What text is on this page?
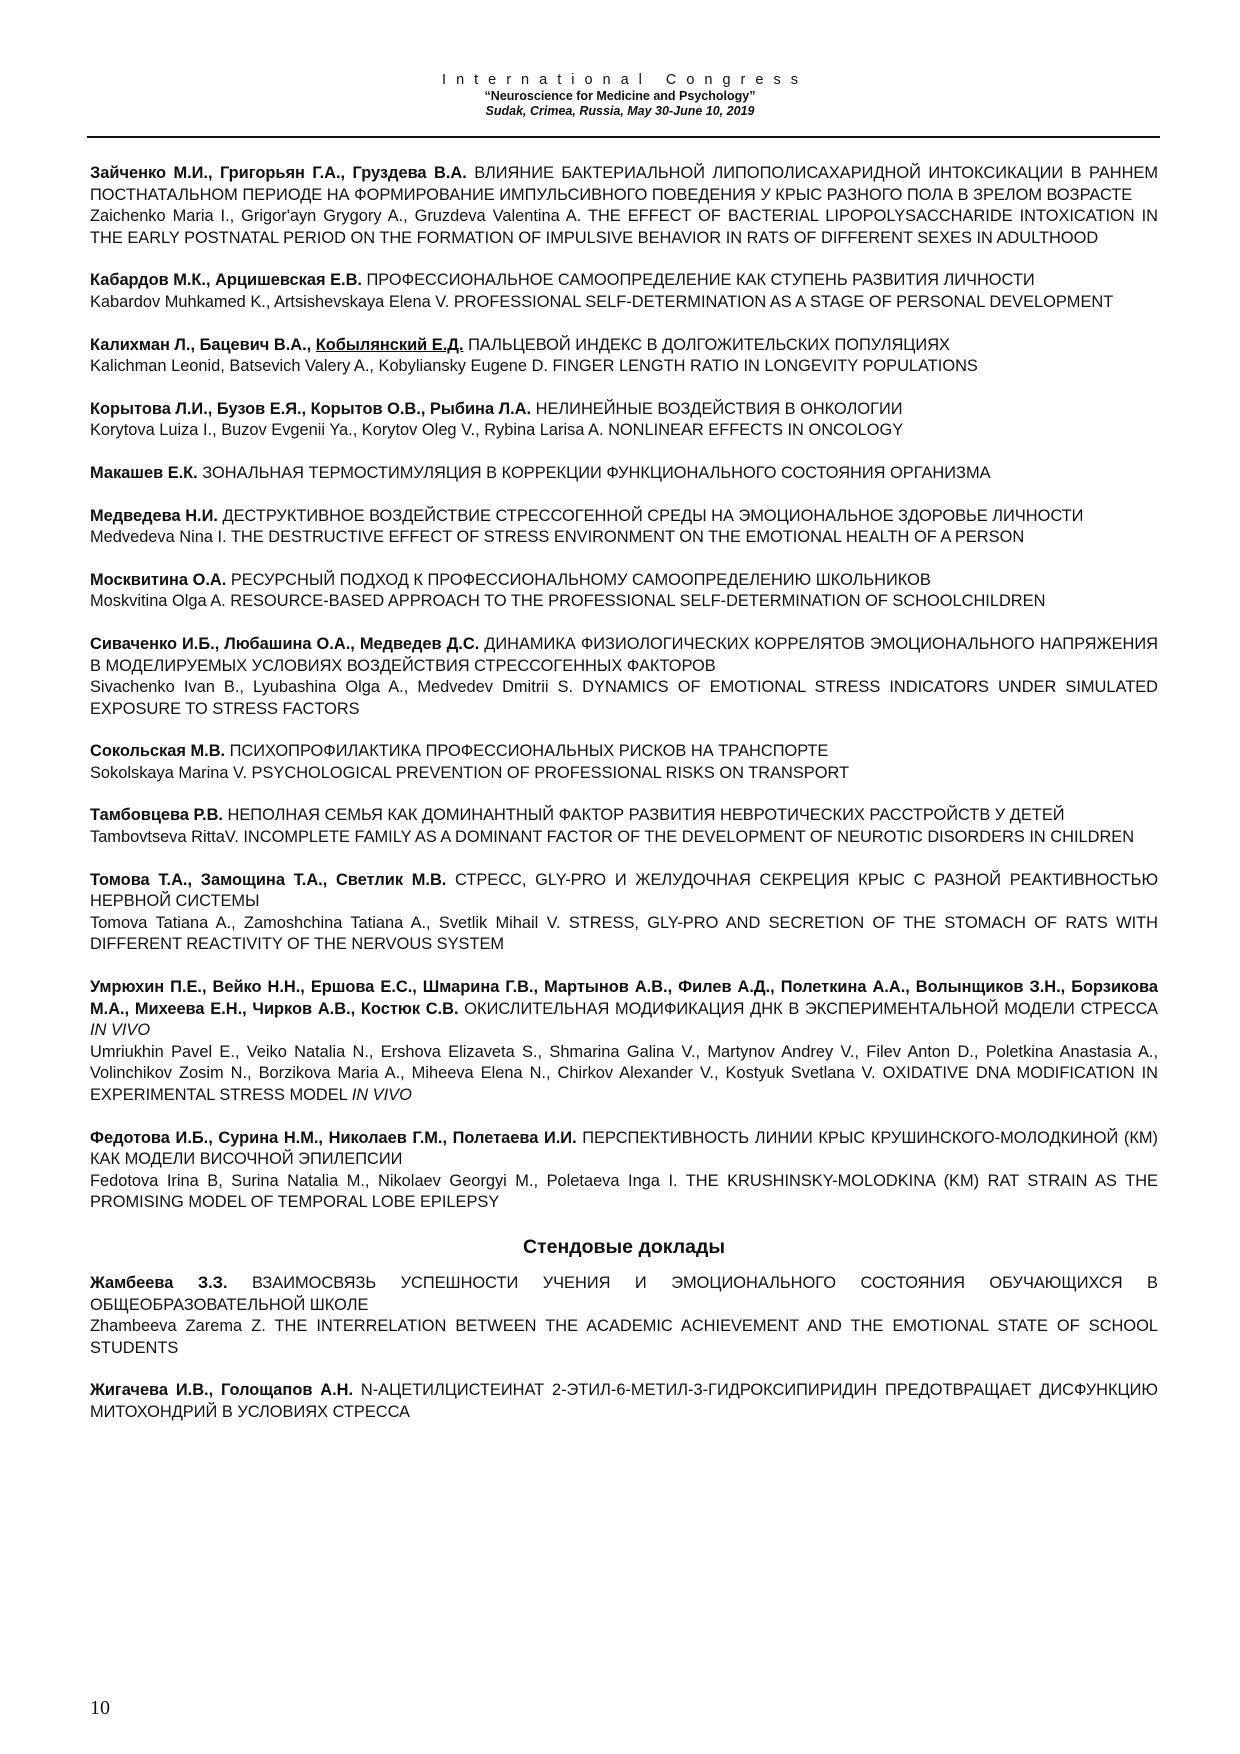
International Congress
“Neuroscience for Medicine and Psychology”
Sudak, Crimea, Russia, May 30-June 10, 2019

Зайченко М.И., Григорьян Г.А., Груздева В.А. ВЛИЯНИЕ БАКТЕРИАЛЬНОЙ ЛИПОПОЛИСАХАРИДНОЙ ИНТОКСИКАЦИИ В РАННЕМ ПОСТНАТАЛЬНОМ ПЕРИОДЕ НА ФОРМИРОВАНИЕ ИМПУЛЬСИВНОГО ПОВЕДЕНИЯ У КРЫС РАЗНОГО ПОЛА В ЗРЕЛОМ ВОЗРАСТЕ

Zaichenko Maria I., Grigor'ayn Grygory A., Gruzdeva Valentina A. THE EFFECT OF BACTERIAL LIPOPOLYSACCHARIDE INTOXICATION IN THE EARLY POSTNATAL PERIOD ON THE FORMATION OF IMPULSIVE BEHAVIOR IN RATS OF DIFFERENT SEXES IN ADULTHOOD

Кабардов М.К., Арцишевская Е.В. ПРОФЕССИОНАЛЬНОЕ САМООПРЕДЕЛЕНИЕ КАК СТУПЕНЬ РАЗВИТИЯ ЛИЧНОСТИ

Kabardov Muhkamed K., Artsishevskaya Elena V. PROFESSIONAL SELF-DETERMINATION AS A STAGE OF PERSONAL DEVELOPMENT

Калихман Л., Бацевич В.А., Кобылянский Е.Д. ПАЛЬЦЕВОЙ ИНДЕКС В ДОЛГОЖИТЕЛЬСКИХ ПОПУЛЯЦИЯХ

Kalichman Leonid, Batsevich Valery A., Kobyliansky Eugene D. FINGER LENGTH RATIO IN LONGEVITY POPULATIONS

Корытова Л.И., Бузов Е.Я., Корытов О.В., Рыбина Л.А. НЕЛИНЕЙНЫЕ ВОЗДЕЙСТВИЯ В ОНКОЛОГИИ

Korytova Luiza I., Buzov Evgenii Ya., Korytov Oleg V., Rybina Larisa A. NONLINEAR EFFECTS IN ONCOLOGY

Макашев Е.К. ЗОНАЛЬНАЯ ТЕРМОСТИМУЛЯЦИЯ В КОРРЕКЦИИ ФУНКЦИОНАЛЬНОГО СОСТОЯНИЯ ОРГАНИЗМА

Медведева Н.И. ДЕСТРУКТИВНОЕ ВОЗДЕЙСТВИЕ СТРЕССОГЕННОЙ СРЕДЫ НА ЭМОЦИОНАЛЬНОЕ ЗДОРОВЬЕ ЛИЧНОСТИ

Medvedeva Nina I. THE DESTRUCTIVE EFFECT OF STRESS ENVIRONMENT ON THE EMOTIONAL HEALTH OF A PERSON

Москвитина О.А. РЕСУРСНЫЙ ПОДХОД К ПРОФЕССИОНАЛЬНОМУ САМООПРЕДЕЛЕНИЮ ШКОЛЬНИКОВ

Moskvitina Olga A. RESOURCE-BASED APPROACH TO THE PROFESSIONAL SELF-DETERMINATION OF SCHOOLCHILDREN

Сиваченко И.Б., Любашина О.А., Медведев Д.С. ДИНАМИКА ФИЗИОЛОГИЧЕСКИХ КОРРЕЛЯТОВ ЭМОЦИОНАЛЬНОГО НАПРЯЖЕНИЯ В МОДЕЛИРУЕМЫХ УСЛОВИЯХ ВОЗДЕЙСТВИЯ СТРЕССОГЕННЫХ ФАКТОРОВ

Sivachenko Ivan B., Lyubashina Olga A., Medvedev Dmitrii S. DYNAMICS OF EMOTIONAL STRESS INDICATORS UNDER SIMULATED EXPOSURE TO STRESS FACTORS

Сокольская М.В. ПСИХОПРОФИЛАКТИКА ПРОФЕССИОНАЛЬНЫХ РИСКОВ НА ТРАНСПОРТЕ

Sokolskaya Marina V. PSYCHOLOGICAL PREVENTION OF PROFESSIONAL RISKS ON TRANSPORT

Тамбовцева Р.В. НЕПОЛНАЯ СЕМЬЯ КАК ДОМИНАНТНЫЙ ФАКТОР РАЗВИТИЯ НЕВРОТИЧЕСКИХ РАССТРОЙСТВ У ДЕТЕЙ

Tambovtseva RittaV. INCOMPLETE FAMILY AS A DOMINANT FACTOR OF THE DEVELOPMENT OF NEUROTIC DISORDERS IN CHILDREN

Томова Т.А., Замощина Т.А., Светлик М.В. СТРЕСС, GLY-PRO И ЖЕЛУДОЧНАЯ СЕКРЕЦИЯ КРЫС С РАЗНОЙ РЕАКТИВНОСТЬЮ НЕРВНОЙ СИСТЕМЫ

Tomova Tatiana A., Zamoshchina Tatiana A., Svetlik Mihail V. STRESS, GLY-PRO AND SECRETION OF THE STOMACH OF RATS WITH DIFFERENT REACTIVITY OF THE NERVOUS SYSTEM

Умрюхин П.Е., Вейко Н.Н., Ершова Е.С., Шмарина Г.В., Мартынов А.В., Филев А.Д., Полеткина А.А., Волынщиков З.Н., Борзикова М.А., Михеева Е.Н., Чирков А.В., Костюк С.В. ОКИСЛИТЕЛЬНАЯ МОДИФИКАЦИЯ ДНК В ЭКСПЕРИМЕНТАЛЬНОЙ МОДЕЛИ СТРЕССА IN VIVO

Umriukhin Pavel E., Veiko Natalia N., Ershova Elizaveta S., Shmarina Galina V., Martynov Andrey V., Filev Anton D., Poletkina Anastasia A., Volinchikov Zosim N., Borzikova Maria A., Miheeva Elena N., Chirkov Alexander V., Kostyuk Svetlana V. OXIDATIVE DNA MODIFICATION IN EXPERIMENTAL STRESS MODEL IN VIVO

Федотова И.Б., Сурина Н.М., Николаев Г.М., Полетаева И.И. ПЕРСПЕКТИВНОСТЬ ЛИНИИ КРЫС КРУШИНСКОГО-МОЛОДКИНОЙ (КМ) КАК МОДЕЛИ ВИСОЧНОЙ ЭПИЛЕПСИИ

Fedotova Irina B, Surina Natalia M., Nikolaev Georgyi M., Poletaeva Inga I. THE KRUSHINSKY-MOLODKINA (KM) RAT STRAIN AS THE PROMISING MODEL OF TEMPORAL LOBE EPILEPSY

Стендовые доклады

Жамбеева З.З. ВЗАИМОСВЯЗЬ УСПЕШНОСТИ УЧЕНИЯ И ЭМОЦИОНАЛЬНОГО СОСТОЯНИЯ ОБУЧАЮЩИХСЯ В ОБЩЕОБРАЗОВАТЕЛЬНОЙ ШКОЛЕ

Zhambeeva Zarema Z. THE INTERRELATION BETWEEN THE ACADEMIC ACHIEVEMENT AND THE EMOTIONAL STATE OF SCHOOL STUDENTS

Жигачева И.В., Голощапов А.Н. N-АЦЕТИЛЦИСТЕИНАТ 2-ЭТИЛ-6-МЕТИЛ-3-ГИДРОКСИПИРИДИН ПРЕДОТВРАЩАЕТ ДИСФУНКЦИЮ МИТОХОНДРИЙ В УСЛОВИЯХ СТРЕССА

10
